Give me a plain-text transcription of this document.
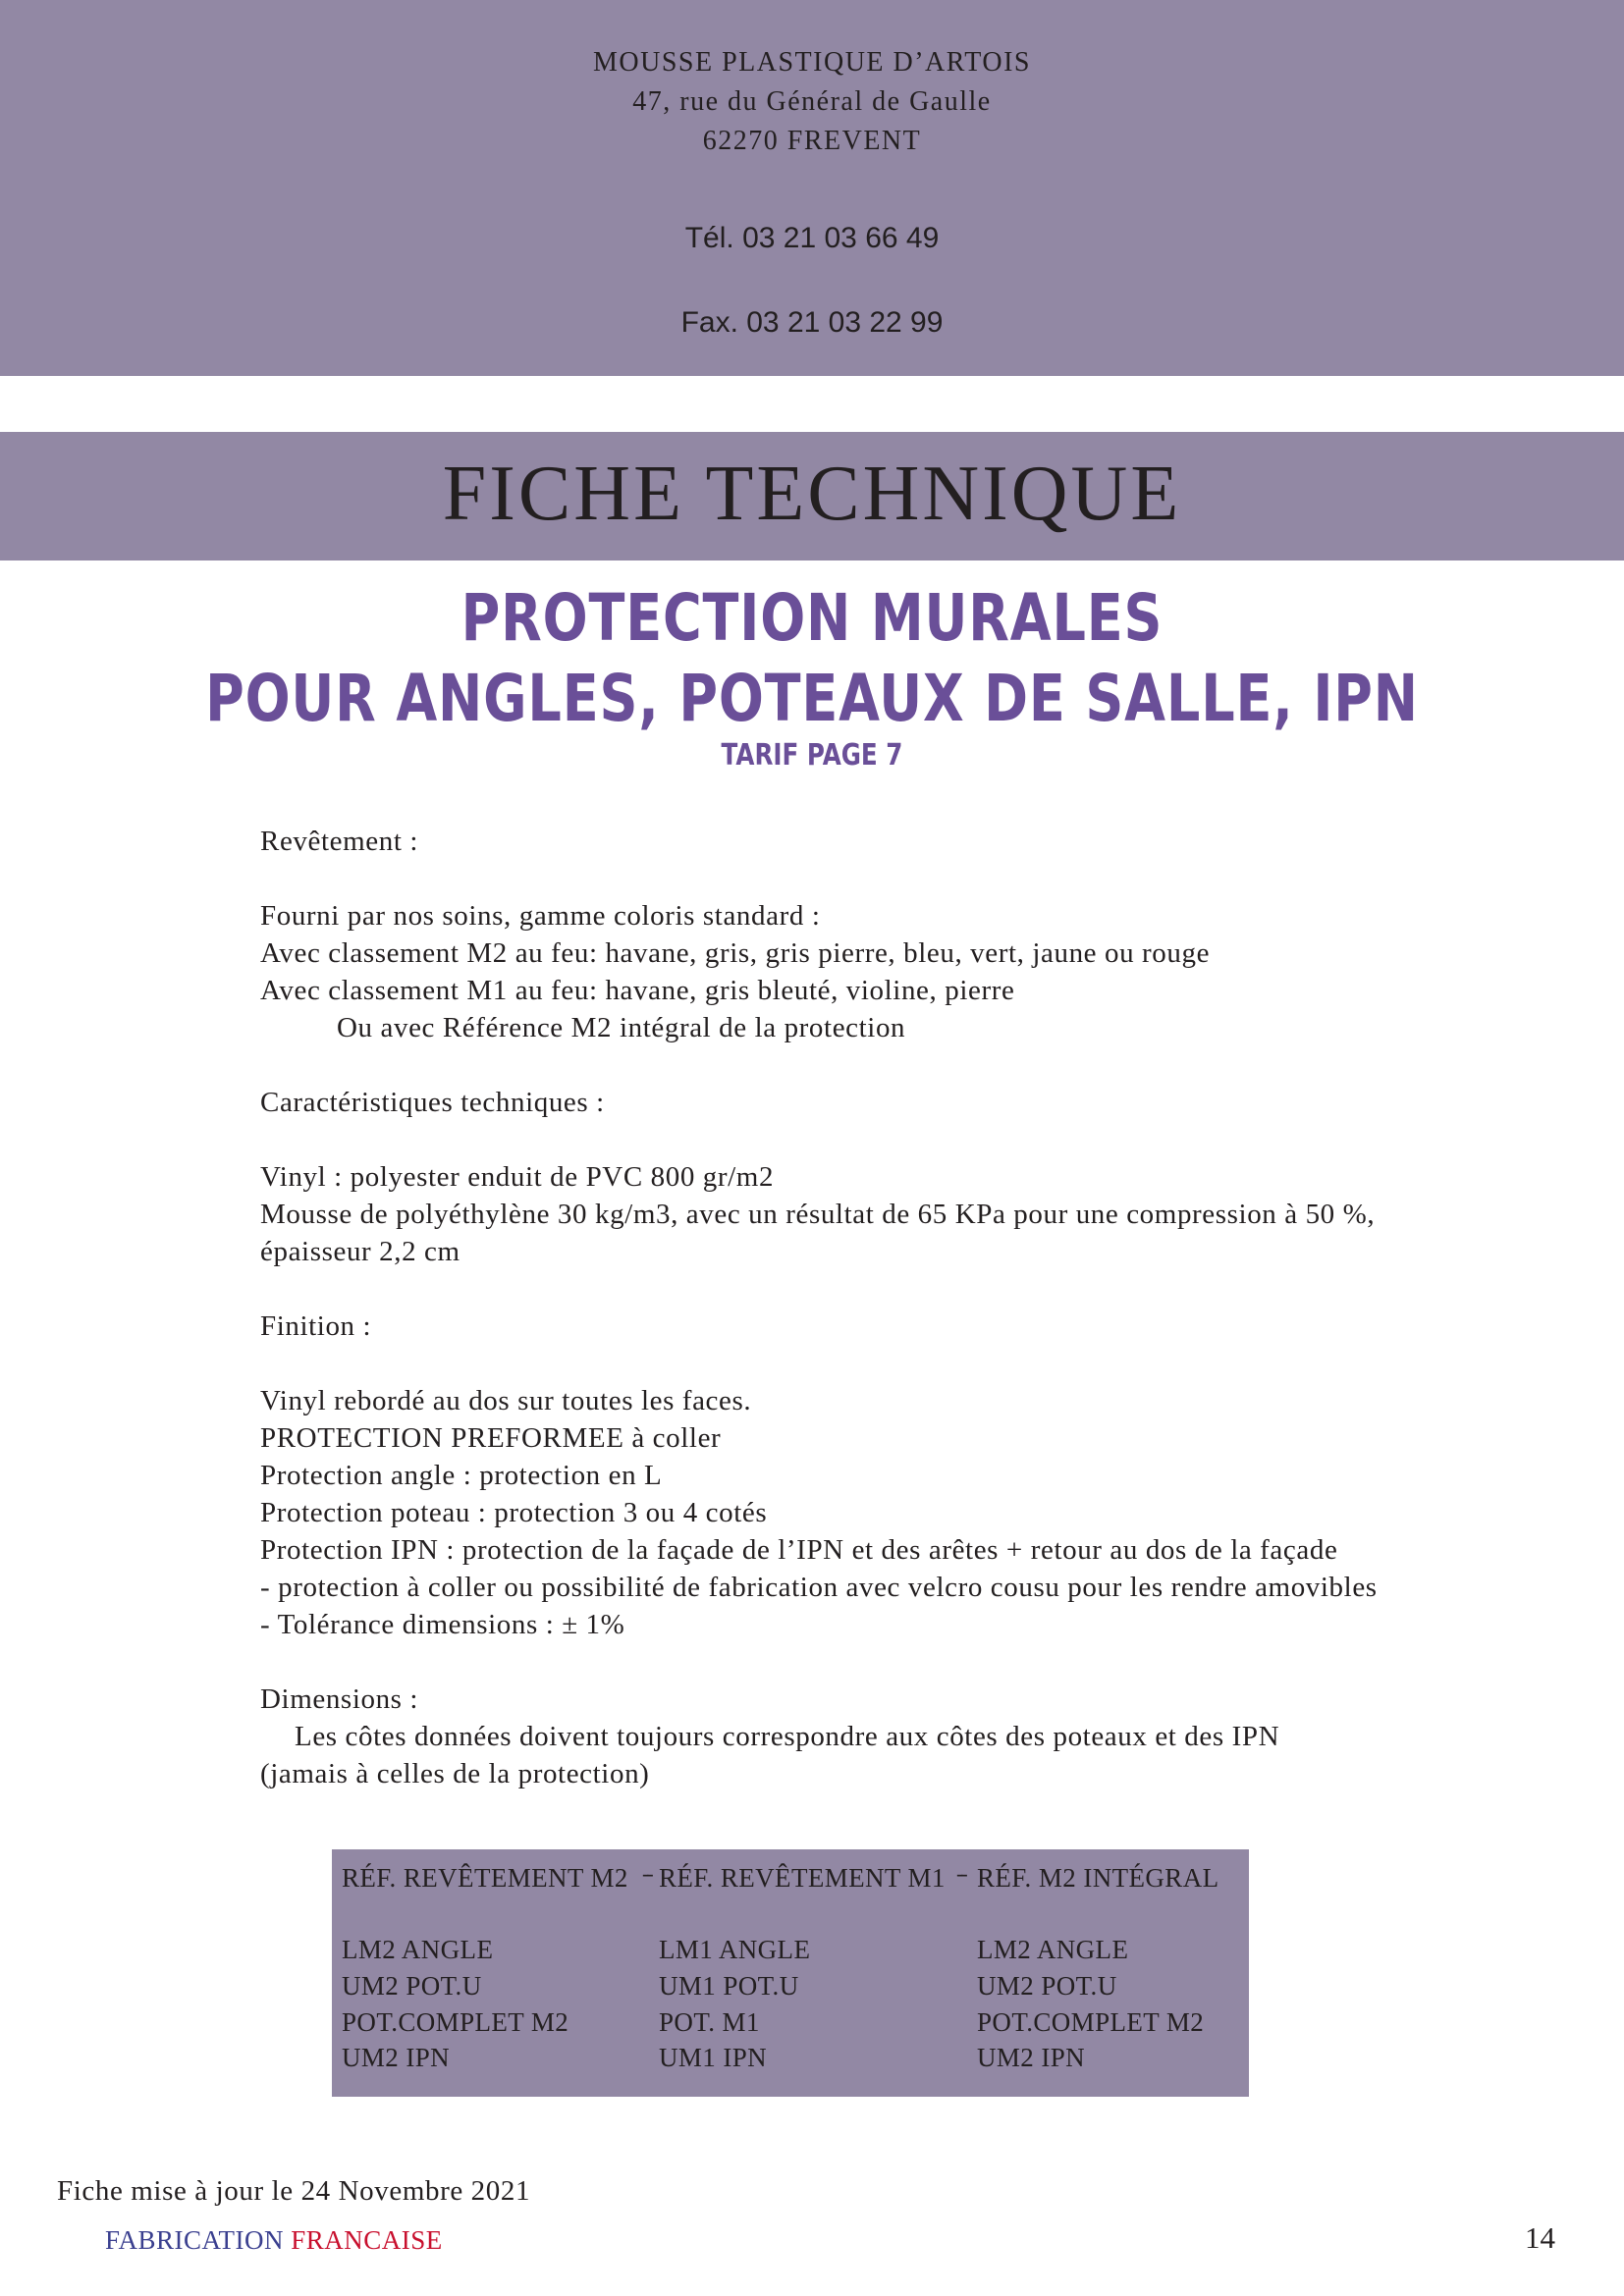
MOUSSE PLASTIQUE D’ARTOIS
47, rue du Général de Gaulle
62270 FREVENT
Tél. 03 21 03 66 49
Fax. 03 21 03 22 99
FICHE TECHNIQUE
PROTECTION MURALES
POUR ANGLES, POTEAUX DE SALLE, IPN
TARIF PAGE 7
Revêtement :
Fourni par nos soins, gamme coloris standard :
Avec classement M2 au feu: havane, gris, gris pierre, bleu, vert, jaune ou rouge
Avec classement M1 au feu: havane, gris bleuté, violine, pierre
Ou avec Référence M2 intégral de la protection
Caractéristiques techniques :
Vinyl : polyester enduit de PVC 800 gr/m2
Mousse de polyéthylène 30 kg/m3, avec un résultat de 65 KPa pour une compression à 50 %,
épaisseur 2,2 cm
Finition :
Vinyl rebordé au dos sur toutes les faces.
PROTECTION PREFORMEE à coller
Protection angle : protection en L
Protection poteau : protection 3 ou 4 cotés
Protection IPN : protection de la façade de l’IPN et des arêtes + retour au dos de la façade
- protection à coller ou possibilité de fabrication avec velcro cousu pour les rendre amovibles
- Tolérance dimensions : ± 1%
Dimensions :
Les côtes données doivent toujours correspondre aux côtes des poteaux et des IPN
(jamais à celles de la protection)
RÉF. REVÊTEMENT M2 -- RÉF. REVÊTEMENT M1 -- RÉF. M2 INTÉGRAL
LM2 ANGLE
UM2 POT.U
POT.COMPLET M2
UM2 IPN
LM1 ANGLE
UM1 POT.U
POT. M1
UM1 IPN
LM2 ANGLE
UM2 POT.U
POT.COMPLET M2
UM2 IPN
Fiche mise à jour le 24 Novembre 2021
FABRICATION FRANCAISE	14
